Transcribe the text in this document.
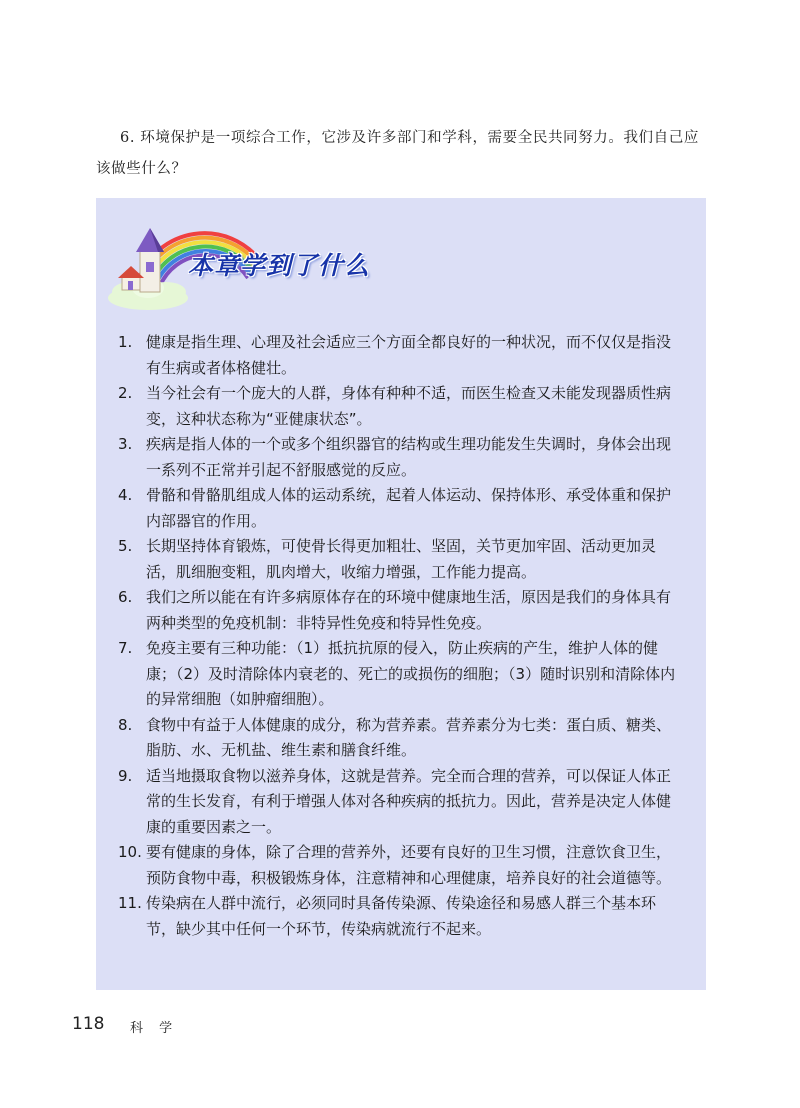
6. 环境保护是一项综合工作，它涉及许多部门和学科，需要全民共同努力。我们自己应该做些什么？

本章学到了什么
1. 健康是指生理、心理及社会适应三个方面全都良好的一种状况，而不仅仅是指没有生病或者体格健壮。
2. 当今社会有一个庞大的人群，身体有种种不适，而医生检查又未能发现器质性病变，这种状态称为“亚健康状态”。
3. 疾病是指人体的一个或多个组织器官的结构或生理功能发生失调时，身体会出现一系列不正常并引起不舒服感觉的反应。
4. 骨骼和骨骼肌组成人体的运动系统，起着人体运动、保持体形、承受体重和保护内部器官的作用。
5. 长期坚持体育锻炼，可使骨长得更加粗壮、坚固，关节更加牢固、活动更加灵活，肌细胞变粗，肌肉增大，收缩力增强，工作能力提高。
6. 我们之所以能在有许多病原体存在的环境中健康地生活，原因是我们的身体具有两种类型的免疫机制：非特异性免疫和特异性免疫。
7. 免疫主要有三种功能：（1）抵抗抗原的侵入，防止疾病的产生，维护人体的健康；（2）及时清除体内衰老的、死亡的或损伤的细胞；（3）随时识别和清除体内的异常细胞（如肿瘤细胞）。
8. 食物中有益于人体健康的成分，称为营养素。营养素分为七类：蛋白质、糖类、脂肪、水、无机盐、维生素和膳食纤维。
9. 适当地摄取食物以滋养身体，这就是营养。完全而合理的营养，可以保证人体正常的生长发育，有利于增强人体对各种疾病的抵抗力。因此，营养是决定人体健康的重要因素之一。
10. 要有健康的身体，除了合理的营养外，还要有良好的卫生习惯，注意饮食卫生，预防食物中毒，积极锻炼身体，注意精神和心理健康，培养良好的社会道德等。
11. 传染病在人群中流行，必须同时具备传染源、传染途径和易感人群三个基本环节，缺少其中任何一个环节，传染病就流行不起来。
118 科 学
